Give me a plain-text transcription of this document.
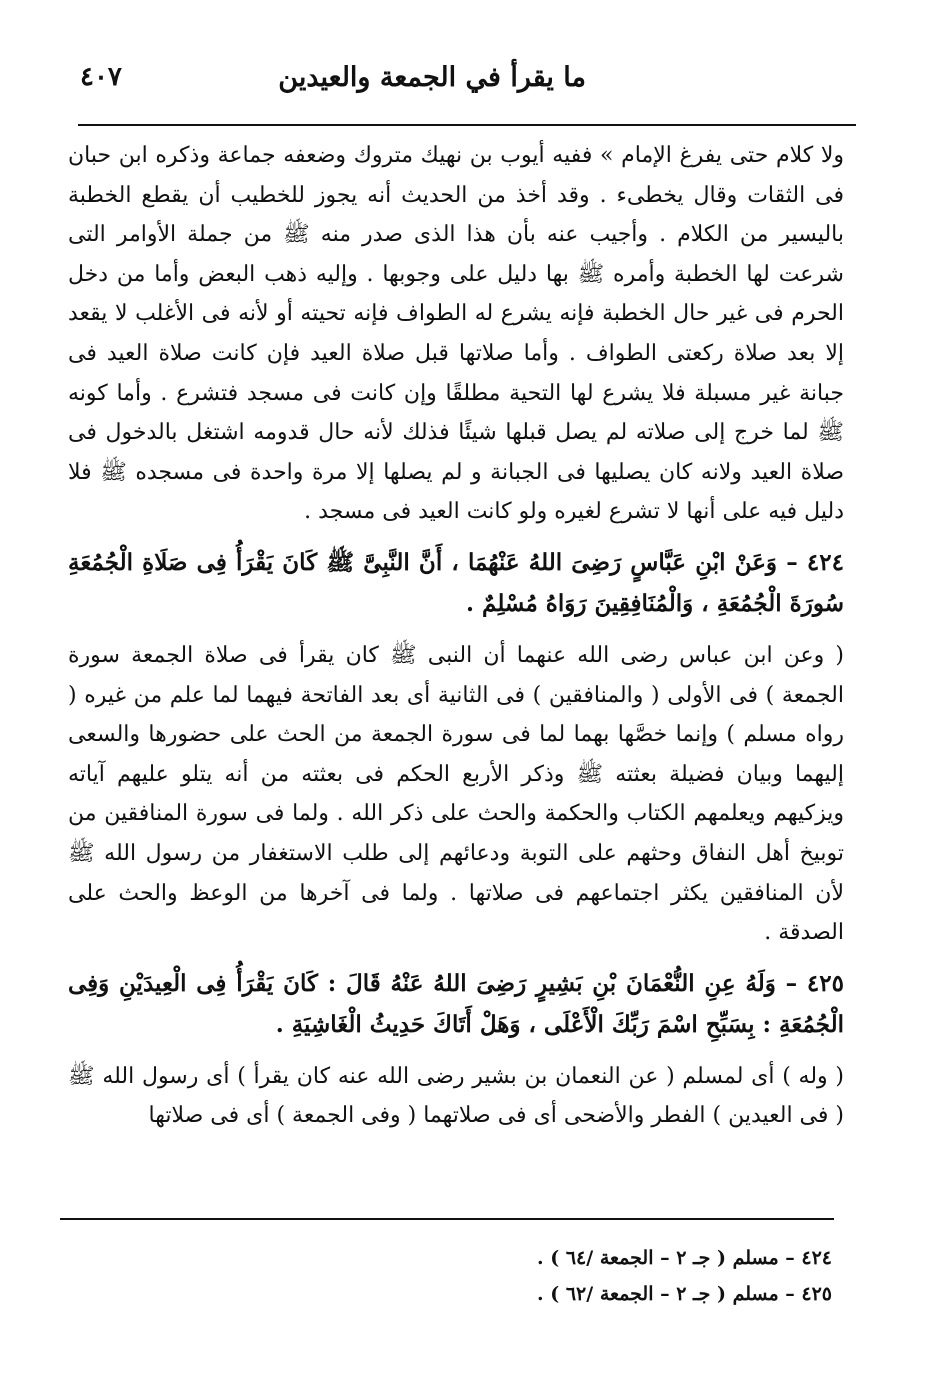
ما يقرأ في الجمعة والعيدين
٤٠٧

ولا كلام حتى يفرغ الإمام » ففيه أيوب بن نهيك متروك وضعفه جماعة وذكره ابن حبان فى الثقات وقال يخطىء . وقد أخذ من الحديث أنه يجوز للخطيب أن يقطع الخطبة باليسير من الكلام . وأجيب عنه بأن هذا الذى صدر منه ﷺ من جملة الأوامر التى شرعت لها الخطبة وأمره ﷺ بها دليل على وجوبها . وإليه ذهب البعض وأما من دخل الحرم فى غير حال الخطبة فإنه يشرع له الطواف فإنه تحيته أو لأنه فى الأغلب لا يقعد إلا بعد صلاة ركعتى الطواف . وأما صلاتها قبل صلاة العيد فإن كانت صلاة العيد فى جبانة غير مسبلة فلا يشرع لها التحية مطلقًا وإن كانت فى مسجد فتشرع . وأما كونه ﷺ لما خرج إلى صلاته لم يصل قبلها شيئًا فذلك لأنه حال قدومه اشتغل بالدخول فى صلاة العيد ولانه كان يصليها فى الجبانة و لم يصلها إلا مرة واحدة فى مسجده ﷺ فلا دليل فيه على أنها لا تشرع لغيره ولو كانت العيد فى مسجد .

٤٢٤ – وَعَنْ ابْنِ عَبَّاسٍ رَضِىَ اللهُ عَنْهُمَا ، أَنَّ النَّبِىَّ ﷺ كَانَ يَقْرَأُ فِى صَلَاةِ الْجُمُعَةِ سُورَةَ الْجُمُعَةِ ، وَالْمُنَافِقِينَ رَوَاهُ مُسْلِمٌ .

( وعن ابن عباس رضى الله عنهما أن النبى ﷺ كان يقرأ فى صلاة الجمعة سورة الجمعة ) فى الأولى ( والمنافقين ) فى الثانية أى بعد الفاتحة فيهما لما علم من غيره ( رواه مسلم ) وإنما خصَّها بهما لما فى سورة الجمعة من الحث على حضورها والسعى إليهما وبيان فضيلة بعثته ﷺ وذكر الأربع الحكم فى بعثته من أنه يتلو عليهم آياته ويزكيهم ويعلمهم الكتاب والحكمة والحث على ذكر الله . ولما فى سورة المنافقين من توبيخ أهل النفاق وحثهم على التوبة ودعائهم إلى طلب الاستغفار من رسول الله ﷺ لأن المنافقين يكثر اجتماعهم فى صلاتها . ولما فى آخرها من الوعظ والحث على الصدقة .

٤٢٥ – وَلَهُ عِنِ النُّعْمَانَ بْنِ بَشِيرٍ رَضِىَ اللهُ عَنْهُ قَالَ : كَانَ يَقْرَأُ فِى الْعِيدَيْنِ وَفِى الْجُمُعَةِ : بِسَبِّحِ اسْمَ رَبِّكَ الْأَعْلَى ، وَهَلْ أَتَاكَ حَدِيثُ الْغَاشِيَةِ .

( وله ) أى لمسلم ( عن النعمان بن بشير رضى الله عنه كان يقرأ ) أى رسول الله ﷺ ( فى العيدين ) الفطر والأضحى أى فى صلاتهما ( وفى الجمعة ) أى فى صلاتها

٤٢٤ – مسلم ( جـ ٢ – الجمعة /٦٤ ) .

٤٢٥ – مسلم ( جـ ٢ – الجمعة /٦٢ ) .
